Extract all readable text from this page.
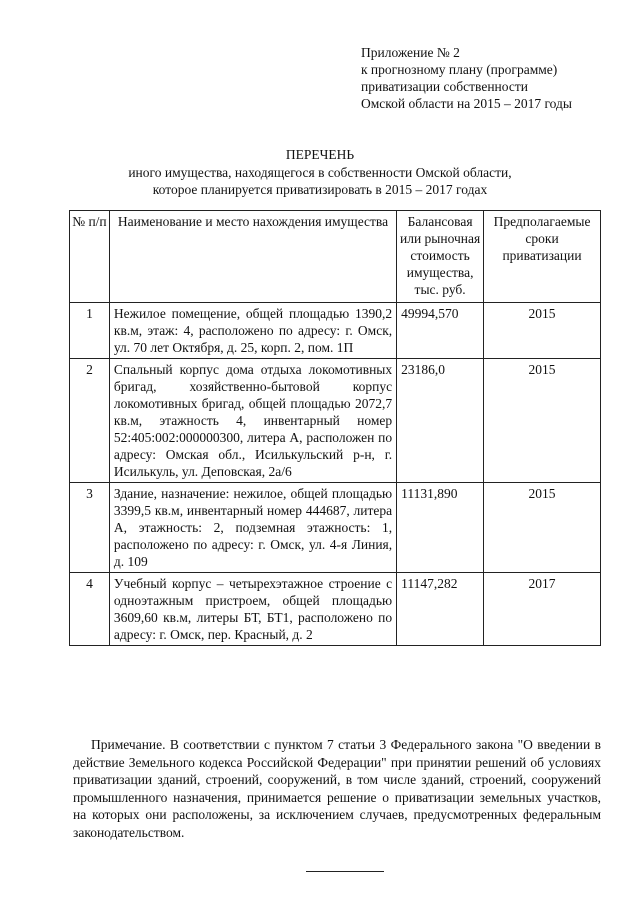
Приложение № 2
к прогнозному плану (программе)
приватизации собственности
Омской области на 2015 – 2017 годы
ПЕРЕЧЕНЬ
иного имущества, находящегося в собственности Омской области,
которое планируется приватизировать в 2015 – 2017 годах
№ п/п	Наименование и место нахождения имущества	Балансовая или рыночная стоимость имущества, тыс. руб.	Предполагаемые сроки приватизации
1	Нежилое помещение, общей площадью 1390,2 кв.м, этаж: 4, расположено по адресу: г. Омск, ул. 70 лет Октября, д. 25, корп. 2, пом. 1П	49994,570	2015
2	Спальный корпус дома отдыха локомотивных бригад, хозяйственно-бытовой корпус локомотивных бригад, общей площадью 2072,7 кв.м, этажность 4, инвентарный номер 52:405:002:000000300, литера А, расположен по адресу: Омская обл., Исилькульский р-н, г. Исилькуль, ул. Деповская, 2а/6	23186,0	2015
3	Здание, назначение: нежилое, общей площадью 3399,5 кв.м, инвентарный номер 444687, литера А, этажность: 2, подземная этажность: 1, расположено по адресу: г. Омск, ул. 4-я Линия, д. 109	11131,890	2015
4	Учебный корпус – четырехэтажное строение с одноэтажным пристроем, общей площадью 3609,60 кв.м, литеры БТ, БТ1, расположено по адресу: г. Омск, пер. Красный, д. 2	11147,282	2017
Примечание. В соответствии с пунктом 7 статьи 3 Федерального закона "О введении в действие Земельного кодекса Российской Федерации" при принятии решений об условиях приватизации зданий, строений, сооружений, в том числе зданий, строений, сооружений промышленного назначения, принимается решение о приватизации земельных участков, на которых они расположены, за исключением случаев, предусмотренных федеральным законодательством.
